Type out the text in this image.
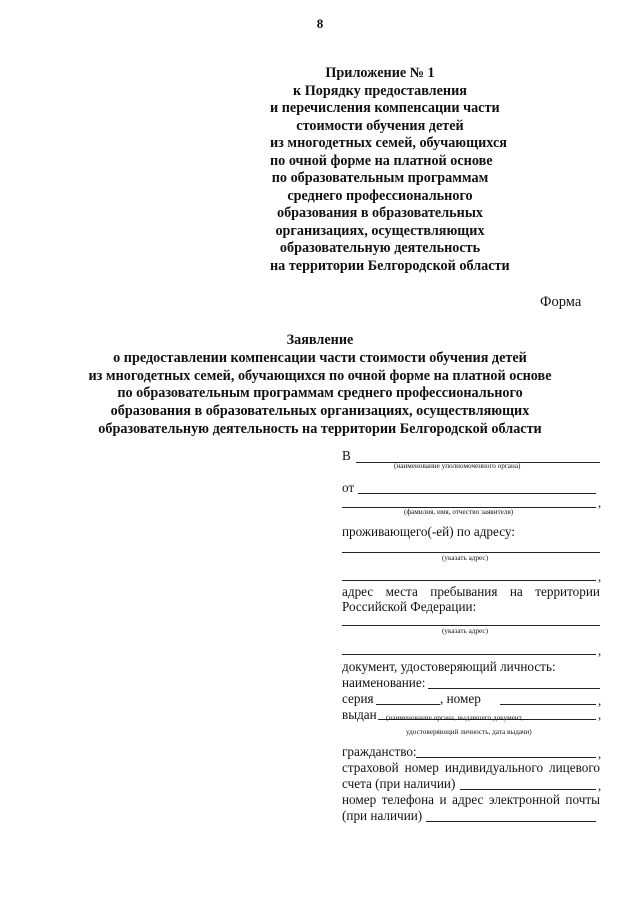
8
Приложение № 1
к Порядку предоставления
и перечисления компенсации части
стоимости обучения детей
из многодетных семей, обучающихся
по очной форме на платной основе
по образовательным программам
среднего профессионального
образования в образовательных
организациях, осуществляющих
образовательную деятельность
на территории Белгородской области
Форма
Заявление
о предоставлении компенсации части стоимости обучения детей
из многодетных семей, обучающихся по очной форме на платной основе
по образовательным программам среднего профессионального
образования в образовательных организациях, осуществляющих
образовательную деятельность на территории Белгородской области
В
(наименование уполномоченного органа)
от
,
(фамилия, имя, отчество заявителя)
проживающего(-ей) по адресу:
(указать адрес)
,
адрес места пребывания на территории
Российской Федерации:
(указать адрес)
,
документ, удостоверяющий личность:
наименование:
серия	, номер	,
выдан	,
(наименование органа, выдавшего документ,
удостоверяющий личность, дата выдачи)
гражданство:	,
страховой номер индивидуального лицевого
счета (при наличии)	,
номер телефона и адрес электронной почты
(при наличии)
